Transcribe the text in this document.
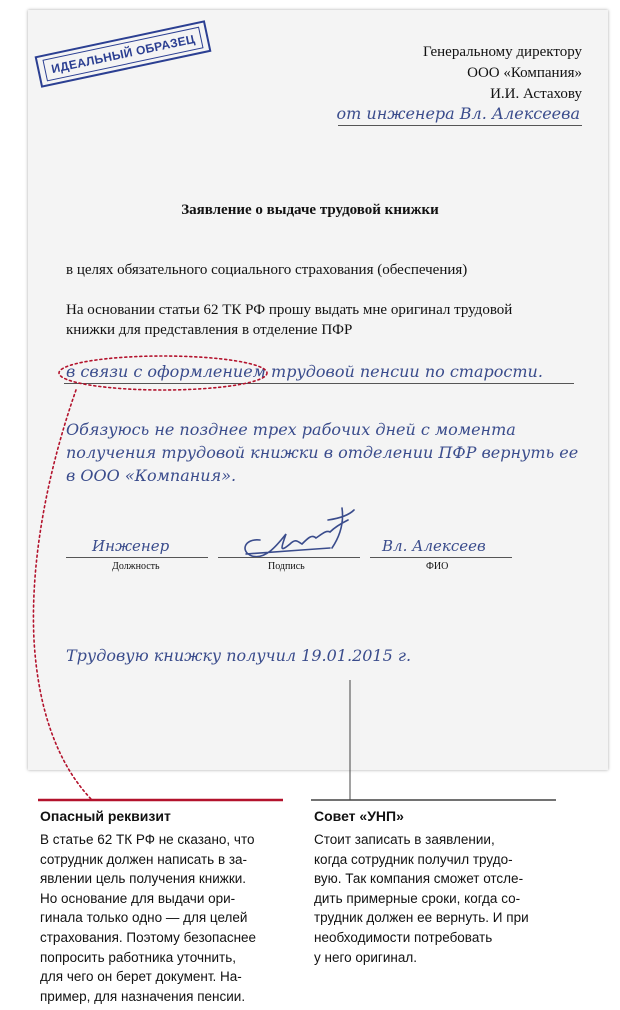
ИДЕАЛЬНЫЙ ОБРАЗЕЦ	Генеральному директору
ООО «Компания»
И.И. Астахову
от инженера Вл. Алексеева
Заявление о выдаче трудовой книжки
в целях обязательного социального страхования (обеспечения)
На основании статьи 62 ТК РФ прошу выдать мне оригинал трудовой
книжки для представления в отделение ПФР
в связи с оформлением трудовой пенсии по старости.
Обязуюсь не позднее трех рабочих дней с момента
получения трудовой книжки в отделении ПФР вернуть ее
в ООО «Компания».
Инженер
Должность	Подпись
Вл. Алексеев
ФИО
Трудовую книжку получил 19.01.2015 г.
Опасный реквизит
В статье 62 ТК РФ не сказано, что
сотрудник должен написать в за-
явлении цель получения книжки.
Но основание для выдачи ори-
гинала только одно — для целей
страхования. Поэтому безопаснее
попросить работника уточнить,
для чего он берет документ. На-
пример, для назначения пенсии.
Совет «УНП»
Стоит записать в заявлении,
когда сотрудник получил трудо-
вую. Так компания сможет отсле-
дить примерные сроки, когда со-
трудник должен ее вернуть. И при
необходимости потребовать
у него оригинал.
